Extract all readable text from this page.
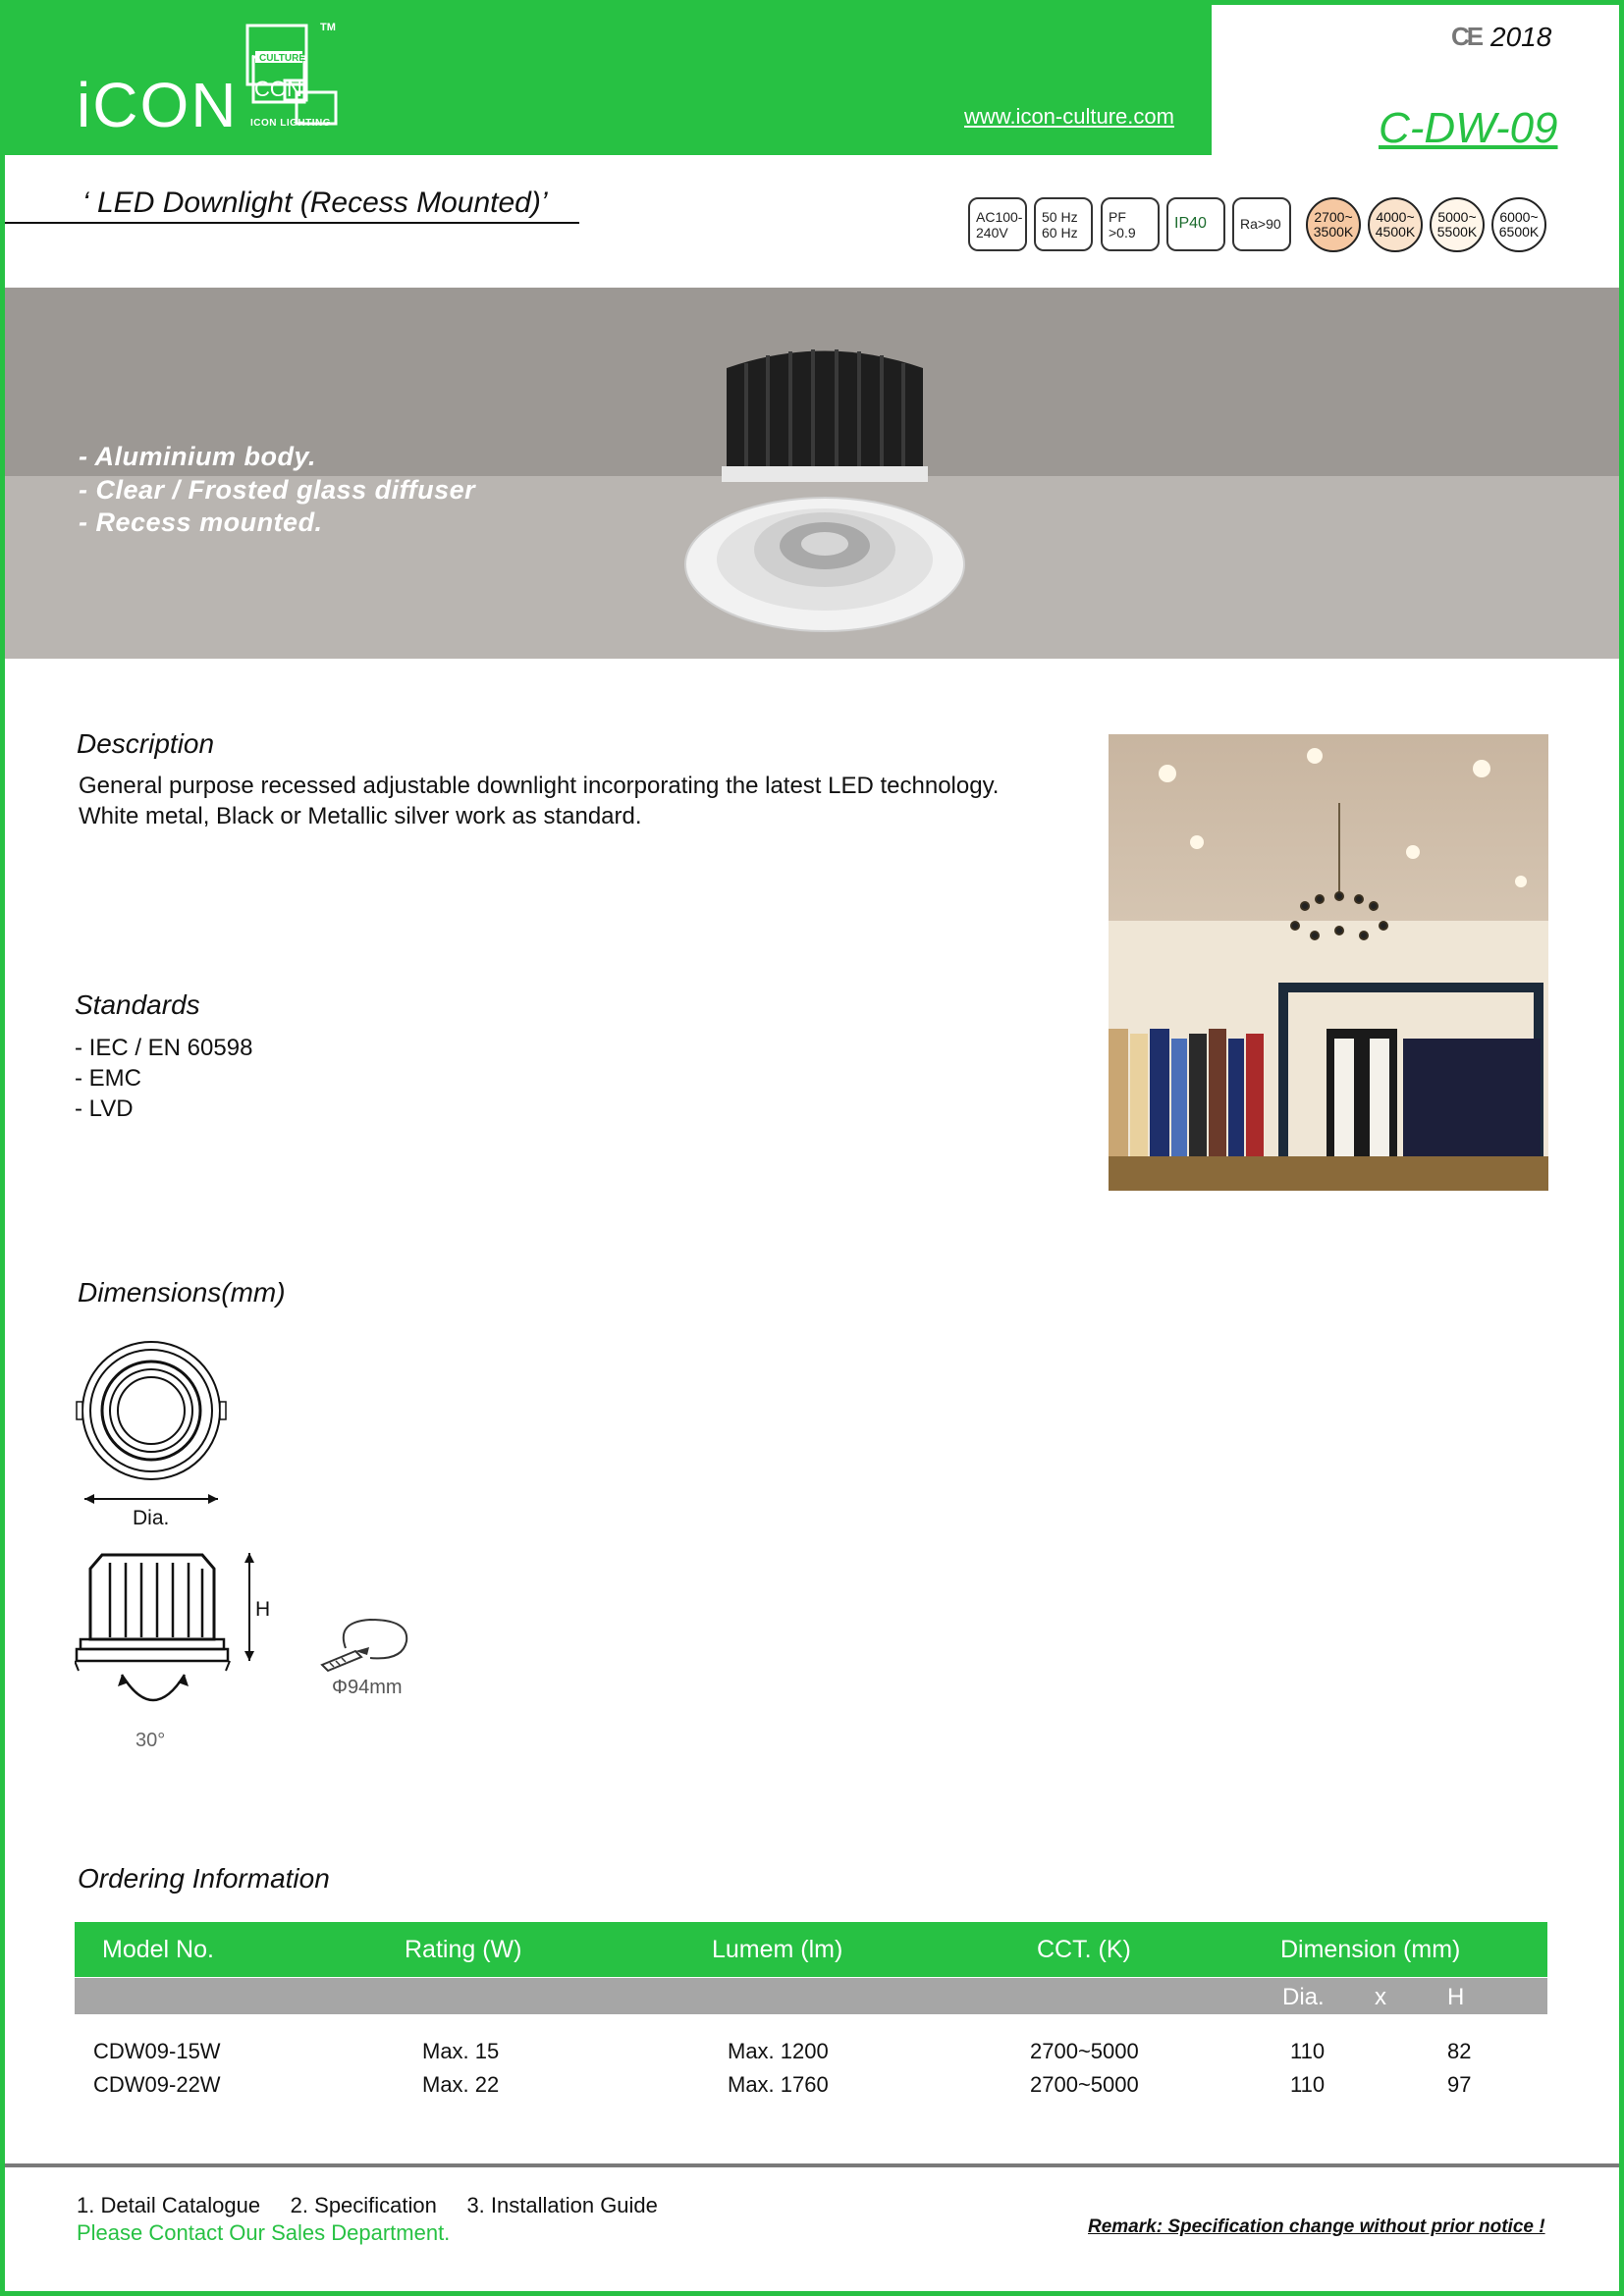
iCON
CULTURE
i
CON
TM
ICON LIGHTING	www.icon-culture.com
CE 2018
C-DW-09
‘ LED Downlight (Recess Mounted)’	AC100-
240V
50 Hz
60 Hz
PF
>0.9
IP40	Ra>90	2700~
3500K
4000~
4500K
5000~
5500K
6000~
6500K
- Aluminium body.
- Clear / Frosted glass diffuser
- Recess mounted.
Description
General purpose recessed adjustable downlight incorporating the latest LED technology.
White metal, Black or Metallic silver work as standard.
Standards
- IEC / EN 60598
- EMC
- LVD
Dimensions(mm)
Dia.
H
30°
Φ94mm
Ordering Information
Model No.	Rating (W)	Lumem (lm)	CCT. (K)	Dimension (mm)
Dia. x	H
CDW09-15W	Max. 15	Max. 1200	2700~5000	110	82
CDW09-22W	Max. 22	Max. 1760	2700~5000	110	97
1. Detail Catalogue     2. Specification     3. Installation Guide
Please Contact Our Sales Department.	Remark: Specification change without prior notice !
